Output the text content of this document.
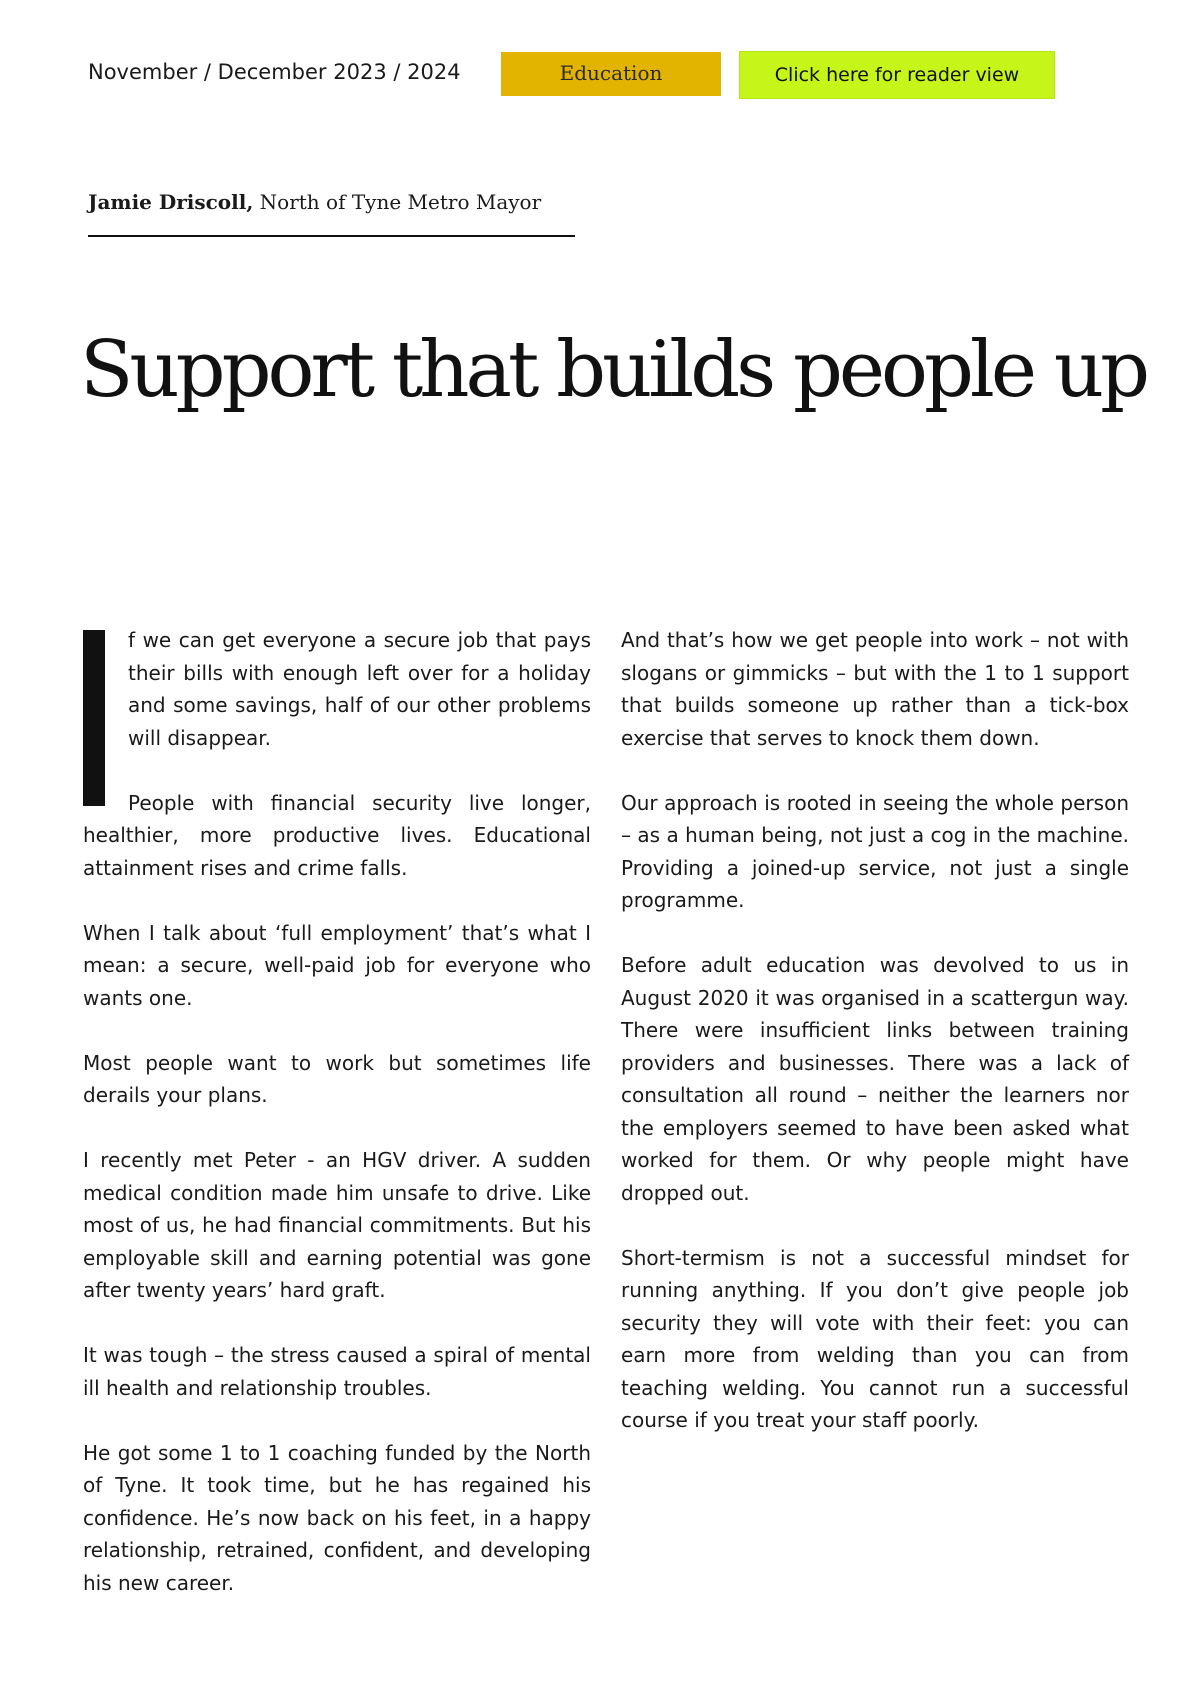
November / December 2023 / 2024	Education	Click here for reader view
Jamie Driscoll, North of Tyne Metro Mayor
Support that builds people up

f we can get everyone a secure job that pays their bills with enough left over for a holiday and some savings, half of our other problems will disappear.

People with financial security live longer, healthier, more productive lives. Educational attainment rises and crime falls.

When I talk about ‘full employment’ that’s what I mean: a secure, well-paid job for everyone who wants one.

Most people want to work but sometimes life derails your plans.

I recently met Peter - an HGV driver. A sudden medical condition made him unsafe to drive. Like most of us, he had financial commitments. But his employable skill and earning potential was gone after twenty years’ hard graft.

It was tough – the stress caused a spiral of mental ill health and relationship troubles.

He got some 1 to 1 coaching funded by the North of Tyne. It took time, but he has regained his confidence. He’s now back on his feet, in a happy relationship, retrained, confident, and developing his new career.

And that’s how we get people into work – not with slogans or gimmicks – but with the 1 to 1 support that builds someone up rather than a tick-box exercise that serves to knock them down.

Our approach is rooted in seeing the whole person – as a human being, not just a cog in the machine. Providing a joined-up service, not just a single programme.

Before adult education was devolved to us in August 2020 it was organised in a scattergun way. There were insufficient links between training providers and businesses. There was a lack of consultation all round – neither the learners nor the employers seemed to have been asked what worked for them. Or why people might have dropped out.

Short-termism is not a successful mindset for running anything. If you don’t give people job security they will vote with their feet: you can earn more from welding than you can from teaching welding. You cannot run a successful course if you treat your staff poorly.
